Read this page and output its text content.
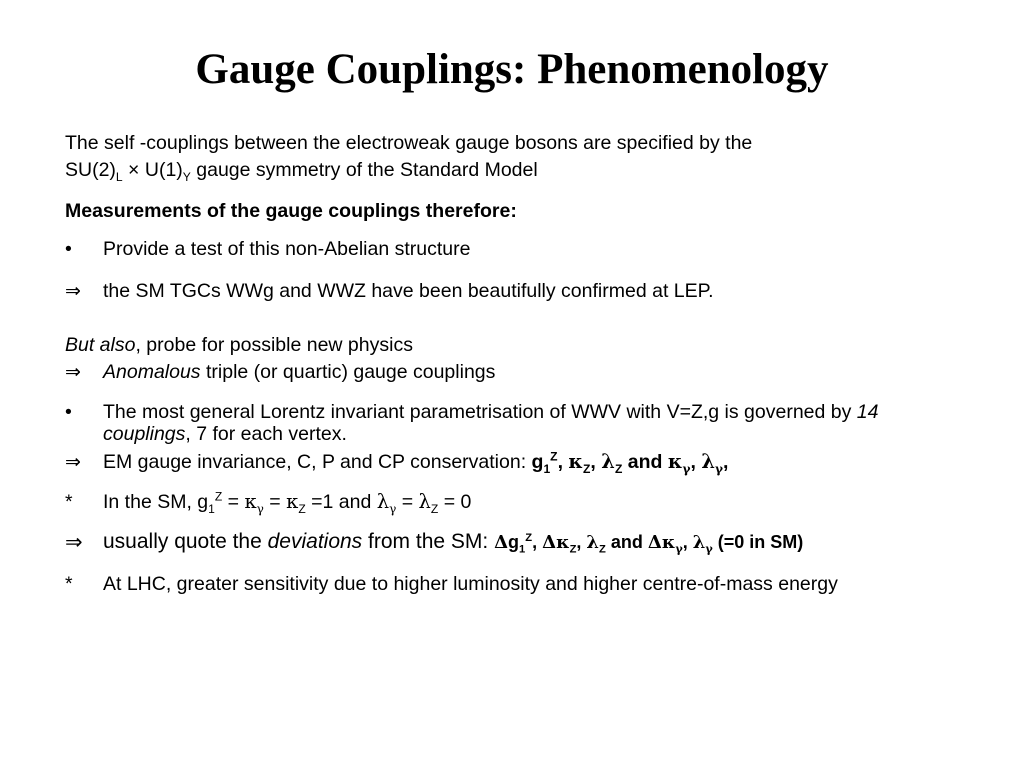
Gauge Couplings: Phenomenology
The self -couplings between the electroweak gauge bosons are specified by the
$SU(2)_L \times U(1)_Y$ gauge symmetry of the Standard Model
Measurements of the gauge couplings therefore:
• Provide a test of this non-Abelian structure
⇒ the SM TGCs WWg and WWZ have been beautifully confirmed at LEP.
But also, probe for possible new physics
⇒ Anomalous triple (or quartic) gauge couplings
• The most general Lorentz invariant parametrisation of WWV with V=Z,g is governed by 14
couplings, 7 for each vertex.
⇒ EM gauge invariance, C, P and CP conservation: $g_1^Z$, $\kappa_Z$, $\lambda_Z$ and $\kappa_\gamma$, $\lambda_\gamma$,
* In the SM, $g_1^Z = \kappa_\gamma = \kappa_Z =1$ and $\lambda_\gamma = \lambda_Z = 0$
⇒ usually quote the deviations from the SM: $\Delta g_1^Z$, $\Delta\kappa_Z$, $\lambda_Z$ and $\Delta\kappa_\gamma$, $\lambda_\gamma$ (=0 in SM)
* At LHC, greater sensitivity due to higher luminosity and higher centre-of-mass energy
